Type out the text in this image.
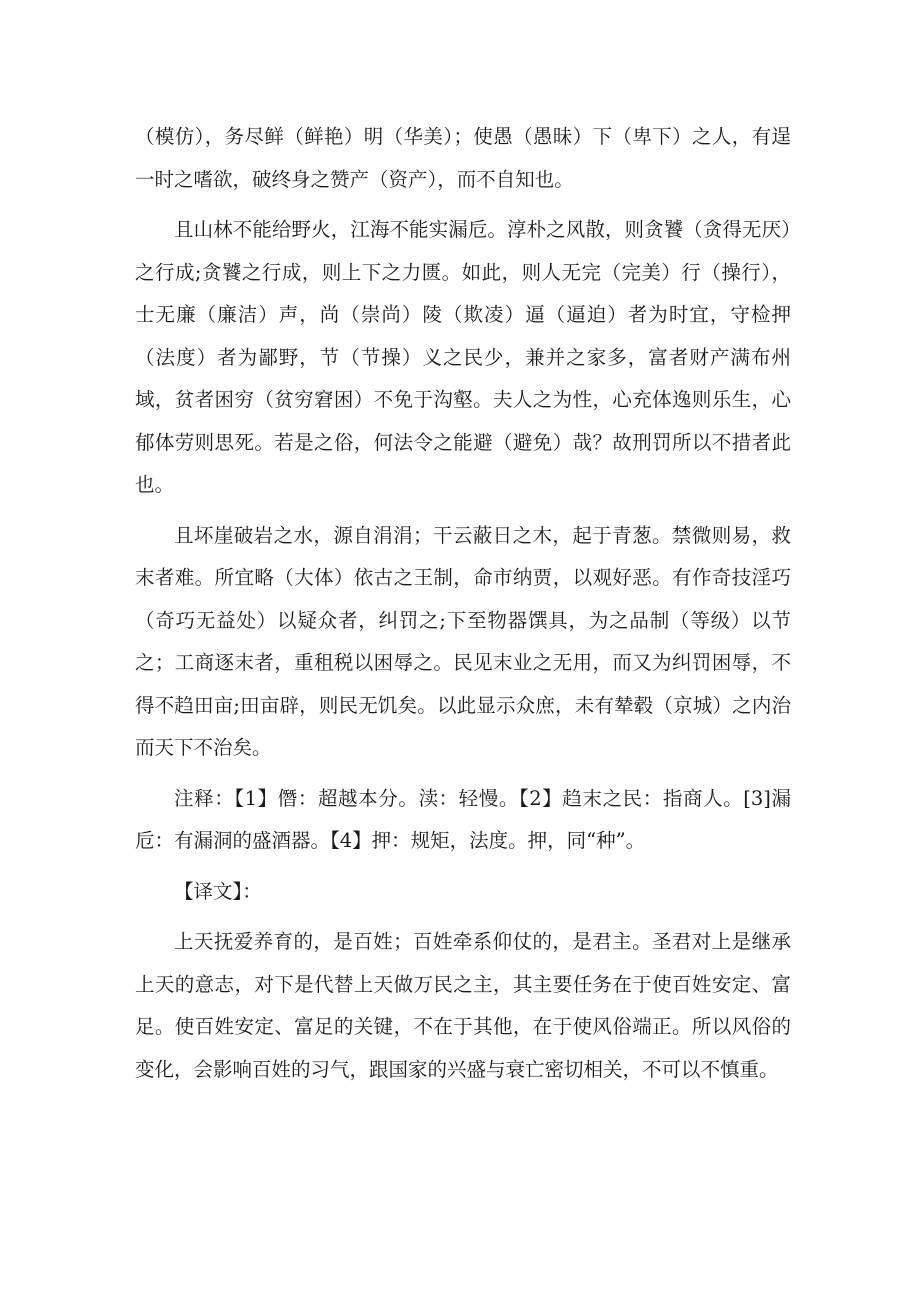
（模仿），务尽鲜（鲜艳）明（华美）；使愚（愚昧）下（卑下）之人，有逞一时之嗜欲，破终身之赞产（资产），而不自知也。

且山林不能给野火，江海不能实漏卮。淳朴之风散，则贪饕（贪得无厌）之行成;贪饕之行成，则上下之力匮。如此，则人无完（完美）行（操行），士无廉（廉洁）声，尚（崇尚）陵（欺凌）逼（逼迫）者为时宜，守检押（法度）者为鄙野，节（节操）义之民少，兼并之家多，富者财产满布州域，贫者困穷（贫穷窘困）不免于沟壑。夫人之为性，心充体逸则乐生，心郁体劳则思死。若是之俗，何法令之能避（避免）哉？故刑罚所以不措者此也。

且坏崖破岩之水，源自涓涓；干云蔽日之木，起于青葱。禁微则易，救末者难。所宜略（大体）依古之王制，命市纳贾，以观好恶。有作奇技淫巧（奇巧无益处）以疑众者，纠罚之;下至物器馔具，为之品制（等级）以节之；工商逐末者，重租税以困辱之。民见末业之无用，而又为纠罚困辱，不得不趋田亩;田亩辟，则民无饥矣。以此显示众庶，未有辇毂（京城）之内治而天下不治矣。

注释：【1】僭：超越本分。渎：轻慢。【2】趋末之民：指商人。[3]漏卮：有漏洞的盛酒器。【4】押：规矩，法度。押，同“种”。

【译文】：

上天抚爱养育的，是百姓；百姓牵系仰仗的，是君主。圣君对上是继承上天的意志，对下是代替上天做万民之主，其主要任务在于使百姓安定、富足。使百姓安定、富足的关键，不在于其他，在于使风俗端正。所以风俗的变化，会影响百姓的习气，跟国家的兴盛与衰亡密切相关，不可以不慎重。
